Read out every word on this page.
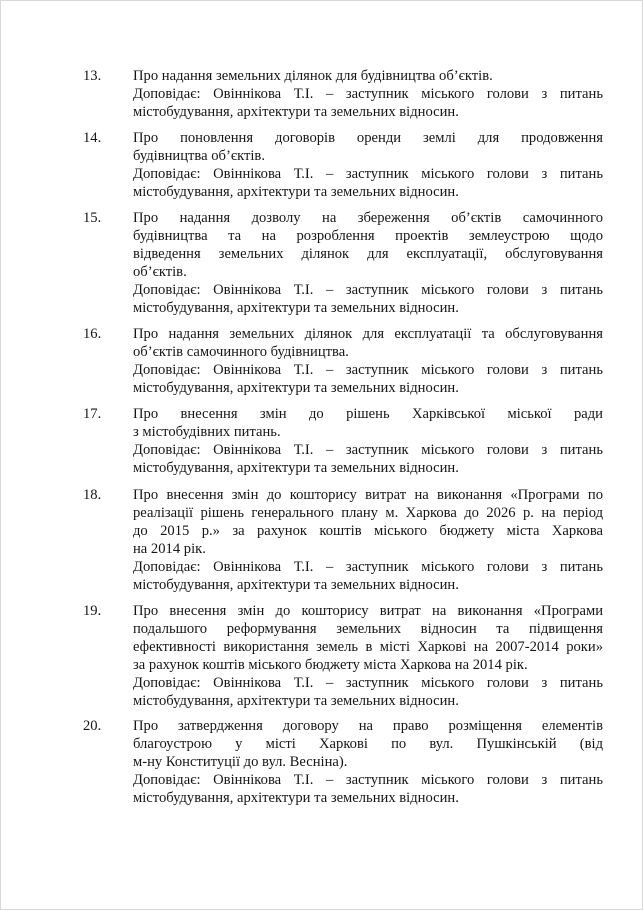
13. Про надання земельних ділянок для будівництва об’єктів.
Доповідає: Овіннікова Т.І. – заступник міського голови з питань
містобудування, архітектури та земельних відносин.
14. Про поновлення договорів оренди землі для продовження
будівництва об’єктів.
Доповідає: Овіннікова Т.І. – заступник міського голови з питань
містобудування, архітектури та земельних відносин.
15. Про надання дозволу на збереження об’єктів самочинного
будівництва та на розроблення проектів землеустрою щодо
відведення земельних ділянок для експлуатації, обслуговування
об’єктів.
Доповідає: Овіннікова Т.І. – заступник міського голови з питань
містобудування, архітектури та земельних відносин.
16. Про надання земельних ділянок для експлуатації та обслуговування
об’єктів самочинного будівництва.
Доповідає: Овіннікова Т.І. – заступник міського голови з питань
містобудування, архітектури та земельних відносин.
17. Про внесення змін до рішень Харківської міської ради
з містобудівних питань.
Доповідає: Овіннікова Т.І. – заступник міського голови з питань
містобудування, архітектури та земельних відносин.
18. Про внесення змін до кошторису витрат на виконання «Програми по
реалізації рішень генерального плану м. Харкова до 2026 р. на період
до 2015 р.» за рахунок коштів міського бюджету міста Харкова
на 2014 рік.
Доповідає: Овіннікова Т.І. – заступник міського голови з питань
містобудування, архітектури та земельних відносин.
19. Про внесення змін до кошторису витрат на виконання «Програми
подальшого реформування земельних відносин та підвищення
ефективності використання земель в місті Харкові на 2007-2014 роки»
за рахунок коштів міського бюджету міста Харкова на 2014 рік.
Доповідає: Овіннікова Т.І. – заступник міського голови з питань
містобудування, архітектури та земельних відносин.
20. Про затвердження договору на право розміщення елементів
благоустрою у місті Харкові по вул. Пушкінській (від
м-ну Конституції до вул. Весніна).
Доповідає: Овіннікова Т.І. – заступник міського голови з питань
містобудування, архітектури та земельних відносин.
